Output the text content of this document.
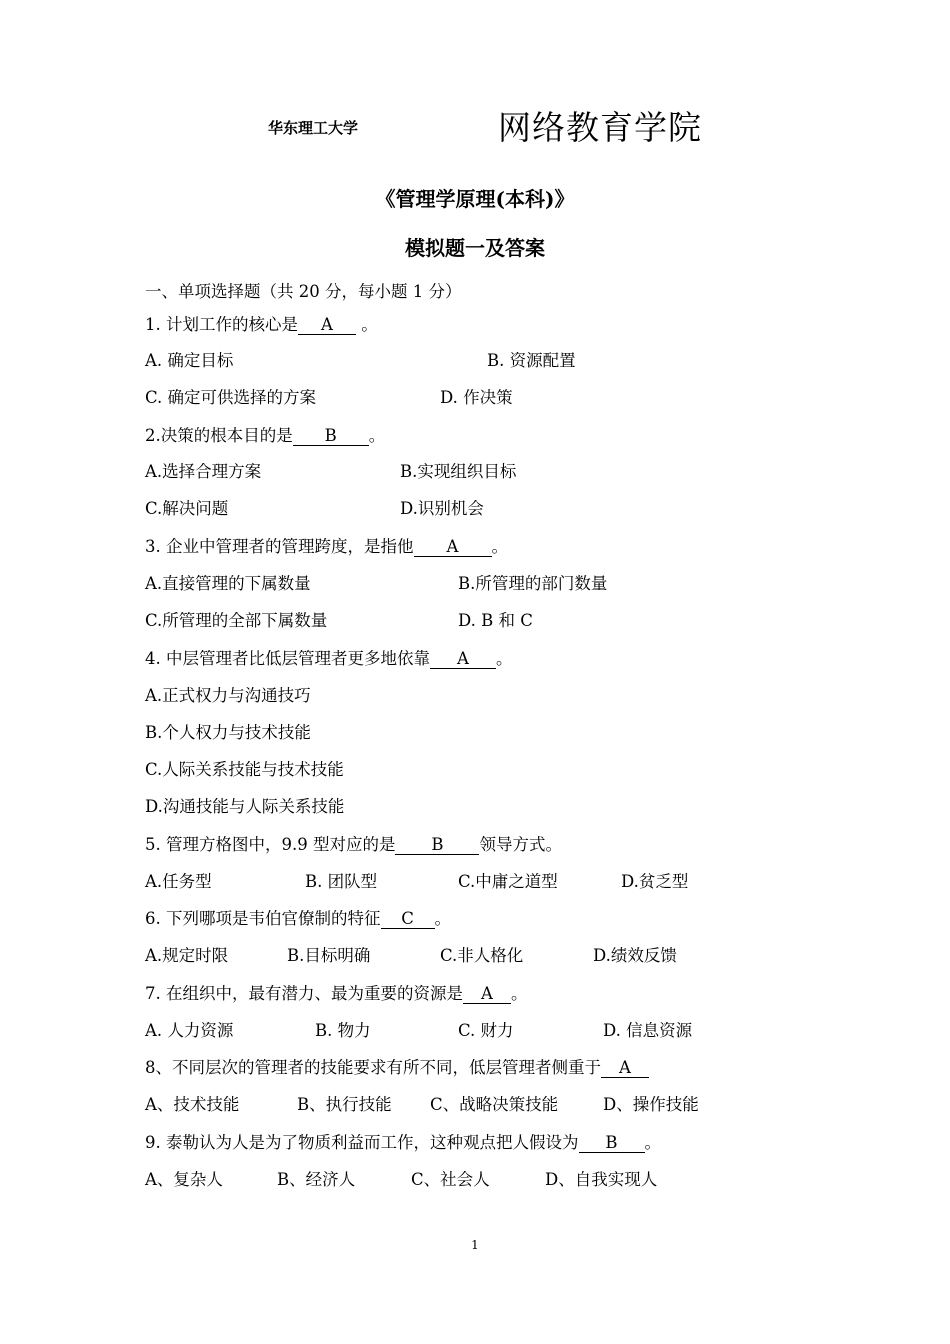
华东理工大学	网络教育学院
《管理学原理(本科)》
模拟题一及答案
一、单项选择题（共 20 分，每小题 1 分）
1. 计划工作的核心是 A 。
A. 确定目标	B. 资源配置
C. 确定可供选择的方案	D. 作决策
2.决策的根本目的是 B 。
A.选择合理方案	B.实现组织目标
C.解决问题	D.识别机会
3. 企业中管理者的管理跨度，是指他 A 。
A.直接管理的下属数量	B.所管理的部门数量
C.所管理的全部下属数量	D. B 和 C
4. 中层管理者比低层管理者更多地依靠 A 。
A.正式权力与沟通技巧
B.个人权力与技术技能
C.人际关系技能与技术技能
D.沟通技能与人际关系技能
5. 管理方格图中，9.9 型对应的是 B 领导方式。
A.任务型	B. 团队型	C.中庸之道型	D.贫乏型
6. 下列哪项是韦伯官僚制的特征 C 。
A.规定时限	B.目标明确	C.非人格化	D.绩效反馈
7. 在组织中，最有潜力、最为重要的资源是 A 。
A. 人力资源	B. 物力	C. 财力	D. 信息资源
8、不同层次的管理者的技能要求有所不同，低层管理者侧重于 A
A、技术技能	B、执行技能 C、战略决策技能	D、操作技能
9. 泰勒认为人是为了物质利益而工作，这种观点把人假设为 B 。
A、复杂人	B、经济人	C、社会人	D、自我实现人
1
